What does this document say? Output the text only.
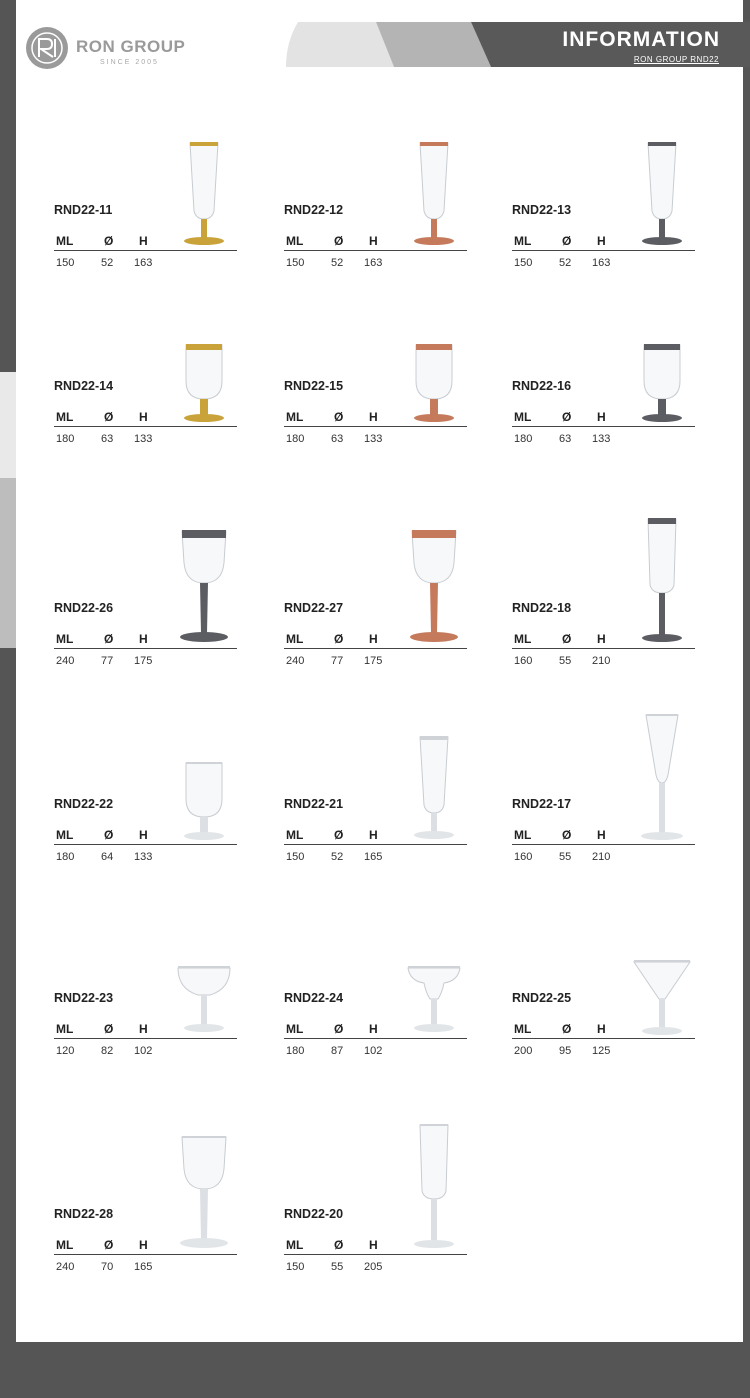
RON GROUP
SINCE 2005
INFORMATION
RON GROUP RND22
RND22-11
ML	Ø H
150 52 163
RND22-12
ML	Ø H
150 52 163
RND22-13
ML	Ø H
150 52 163
RND22-14
ML	Ø H
180 63 133
RND22-15
ML	Ø H
180 63 133
RND22-16
ML	Ø H
180 63 133
RND22-26
ML	Ø H
240 77 175
RND22-27
ML	Ø H
240 77 175
RND22-18
ML	Ø H
160 55 210
RND22-22
ML	Ø H
180 64 133
RND22-21
ML	Ø H
150 52 165
RND22-17
ML	Ø H
160 55 210
RND22-23
ML	Ø H
120 82 102
RND22-24
ML	Ø H
180 87 102
RND22-25
ML	Ø H
200 95 125
RND22-28
ML	Ø H
240 70 165
RND22-20
ML	Ø H
150 55 205
